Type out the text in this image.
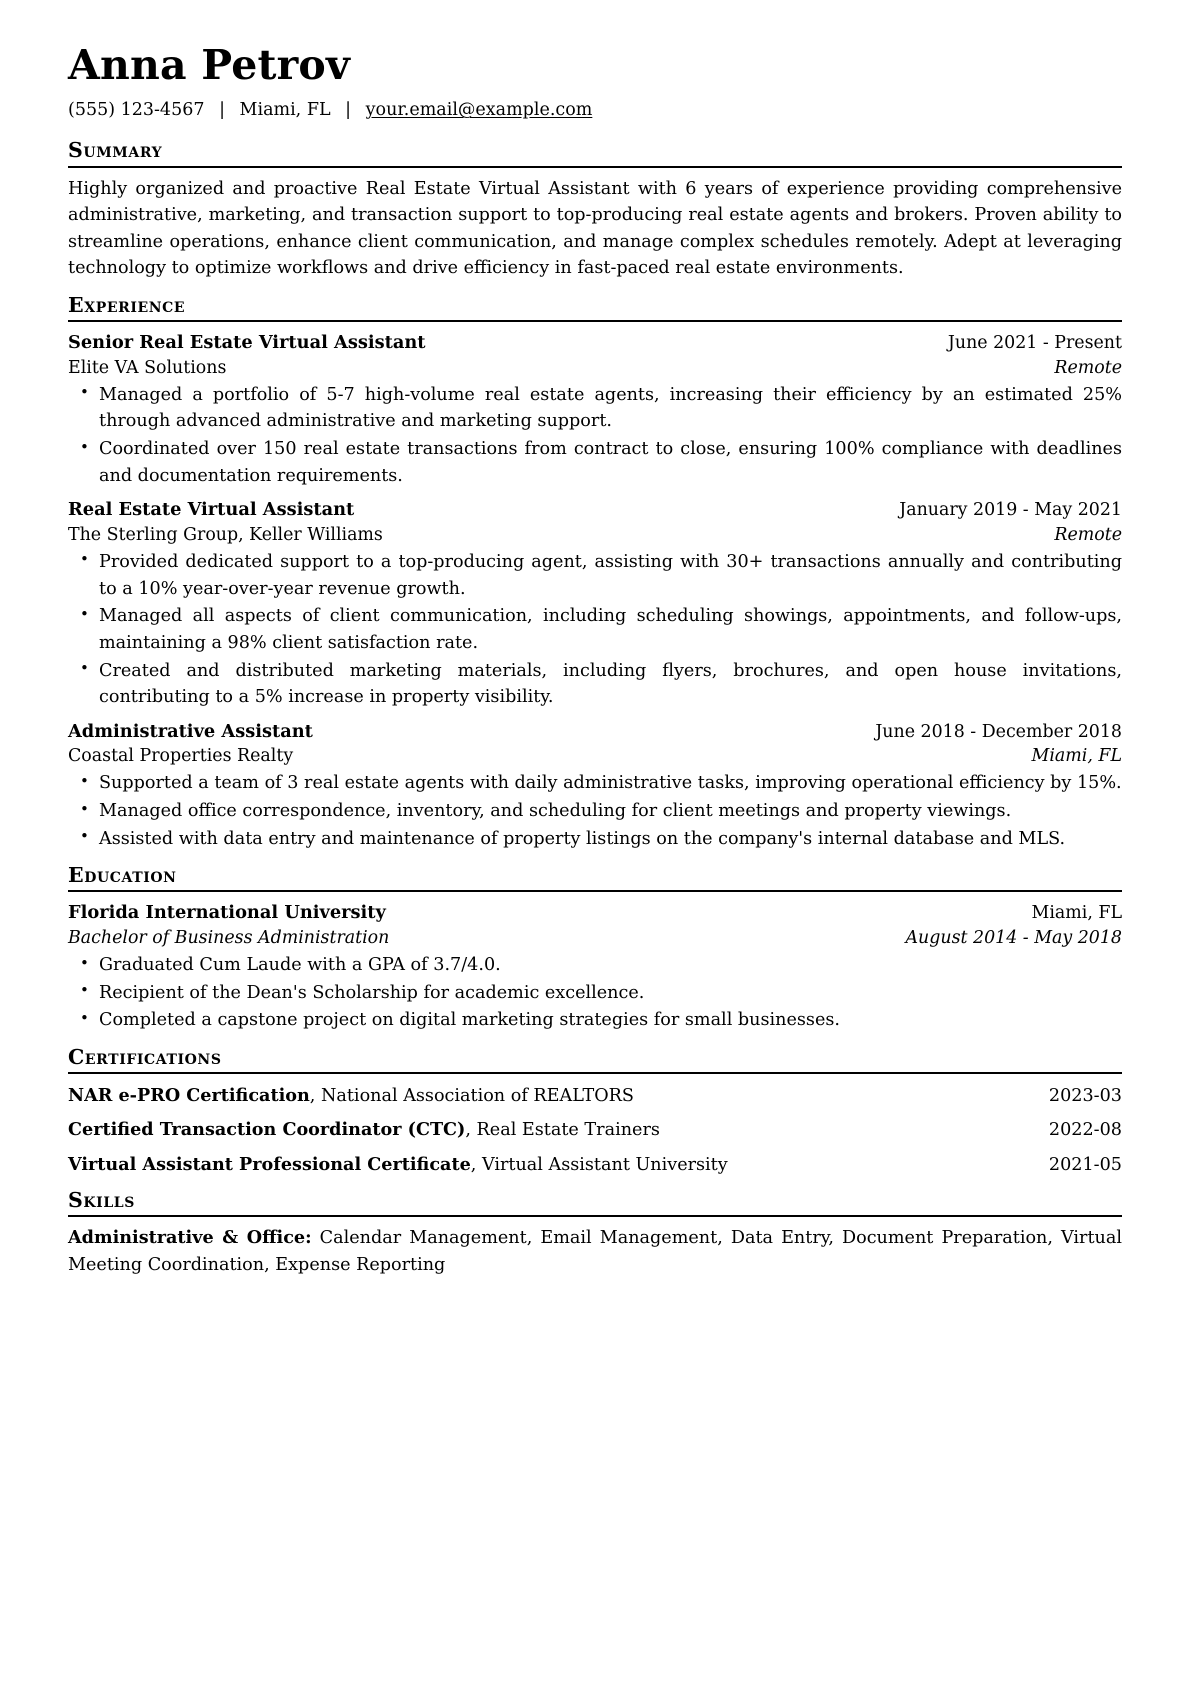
Anna Petrov
(555) 123-4567 | Miami, FL | your.email@example.com
Summary

Highly organized and proactive Real Estate Virtual Assistant with 6 years of experience providing comprehensive administrative, marketing, and transaction support to top-producing real estate agents and brokers. Proven ability to streamline operations, enhance client communication, and manage complex schedules remotely. Adept at leveraging technology to optimize workflows and drive efficiency in fast-paced real estate environments.

Experience
Senior Real Estate Virtual Assistant	June 2021 - Present
Elite VA Solutions	Remote
• Managed a portfolio of 5-7 high-volume real estate agents, increasing their efficiency by an estimated 25% through advanced administrative and marketing support.
• Coordinated over 150 real estate transactions from contract to close, ensuring 100% compliance with deadlines and documentation requirements.
Real Estate Virtual Assistant	January 2019 - May 2021
The Sterling Group, Keller Williams	Remote
• Provided dedicated support to a top-producing agent, assisting with 30+ transactions annually and contributing to a 10% year-over-year revenue growth.
• Managed all aspects of client communication, including scheduling showings, appointments, and follow-ups, maintaining a 98% client satisfaction rate.
• Created and distributed marketing materials, including flyers, brochures, and open house invitations, contributing to a 5% increase in property visibility.
Administrative Assistant	June 2018 - December 2018
Coastal Properties Realty	Miami, FL
• Supported a team of 3 real estate agents with daily administrative tasks, improving operational efficiency by 15%.
• Managed office correspondence, inventory, and scheduling for client meetings and property viewings.
• Assisted with data entry and maintenance of property listings on the company's internal database and MLS.
Education
Florida International University	Miami, FL
Bachelor of Business Administration	August 2014 - May 2018
• Graduated Cum Laude with a GPA of 3.7/4.0.
• Recipient of the Dean's Scholarship for academic excellence.
• Completed a capstone project on digital marketing strategies for small businesses.
Certifications
NAR e-PRO Certification, National Association of REALTORS	2023-03
Certified Transaction Coordinator (CTC), Real Estate Trainers	2022-08
Virtual Assistant Professional Certificate, Virtual Assistant University	2021-05
Skills

Administrative & Office: Calendar Management, Email Management, Data Entry, Document Preparation, Virtual Meeting Coordination, Expense Reporting
